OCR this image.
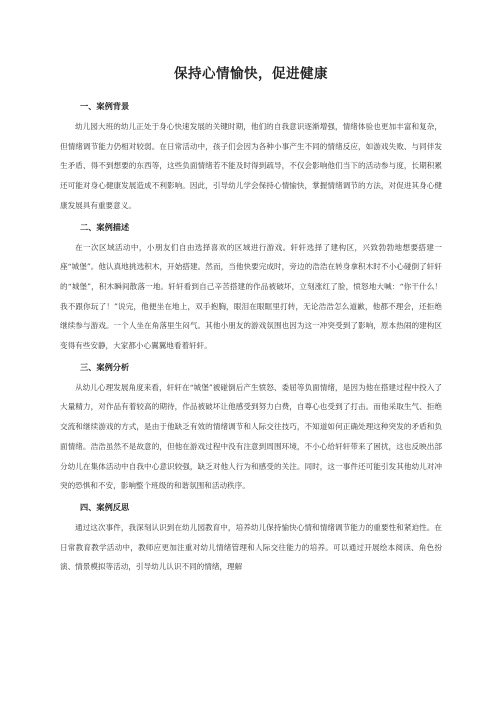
保持心情愉快，促进健康
一、案例背景

幼儿园大班的幼儿正处于身心快速发展的关键时期，他们的自我意识逐渐增强，情绪体验也更加丰富和复杂，但情绪调节能力仍相对较弱。在日常活动中，孩子们会因为各种小事产生不同的情绪反应，如游戏失败、与同伴发生矛盾、得不到想要的东西等，这些负面情绪若不能及时得到疏导，不仅会影响他们当下的活动参与度，长期积累还可能对身心健康发展造成不利影响。因此，引导幼儿学会保持心情愉快，掌握情绪调节的方法，对促进其身心健康发展具有重要意义。

二、案例描述

在一次区域活动中，小朋友们自由选择喜欢的区域进行游戏。轩轩选择了建构区，兴致勃勃地想要搭建一座“城堡”。他认真地挑选积木，开始搭建。然而，当他快要完成时，旁边的浩浩在转身拿积木时不小心碰倒了轩轩的“城堡”，积木瞬间散落一地。轩轩看到自己辛苦搭建的作品被破坏，立刻涨红了脸，愤怒地大喊：“你干什么！我不跟你玩了！”说完，他便坐在地上，双手抱胸，眼泪在眼眶里打转，无论浩浩怎么道歉，他都不理会，还拒绝继续参与游戏。一个人坐在角落里生闷气。其他小朋友的游戏氛围也因为这一冲突受到了影响，原本热闹的建构区变得有些安静，大家都小心翼翼地看着轩轩。

三、案例分析

从幼儿心理发展角度来看，轩轩在“城堡”被碰倒后产生愤怒、委屈等负面情绪，是因为他在搭建过程中投入了大量精力，对作品有着较高的期待，作品被破坏让他感受到努力白费，自尊心也受到了打击。而他采取生气、拒绝交流和继续游戏的方式，是由于他缺乏有效的情绪调节和人际交往技巧，不知道如何正确处理这种突发的矛盾和负面情绪。浩浩虽然不是故意的，但他在游戏过程中没有注意到周围环境，不小心给轩轩带来了困扰，这也反映出部分幼儿在集体活动中自我中心意识较强，缺乏对他人行为和感受的关注。同时，这一事件还可能引发其他幼儿对冲突的恐惧和不安，影响整个班级的和谐氛围和活动秩序。

四、案例反思

通过这次事件，我深刻认识到在幼儿园教育中，培养幼儿保持愉快心情和情绪调节能力的重要性和紧迫性。在日常教育教学活动中，教师应更加注重对幼儿情绪管理和人际交往能力的培养。可以通过开展绘本阅读、角色扮演、情景模拟等活动，引导幼儿认识不同的情绪，理解
